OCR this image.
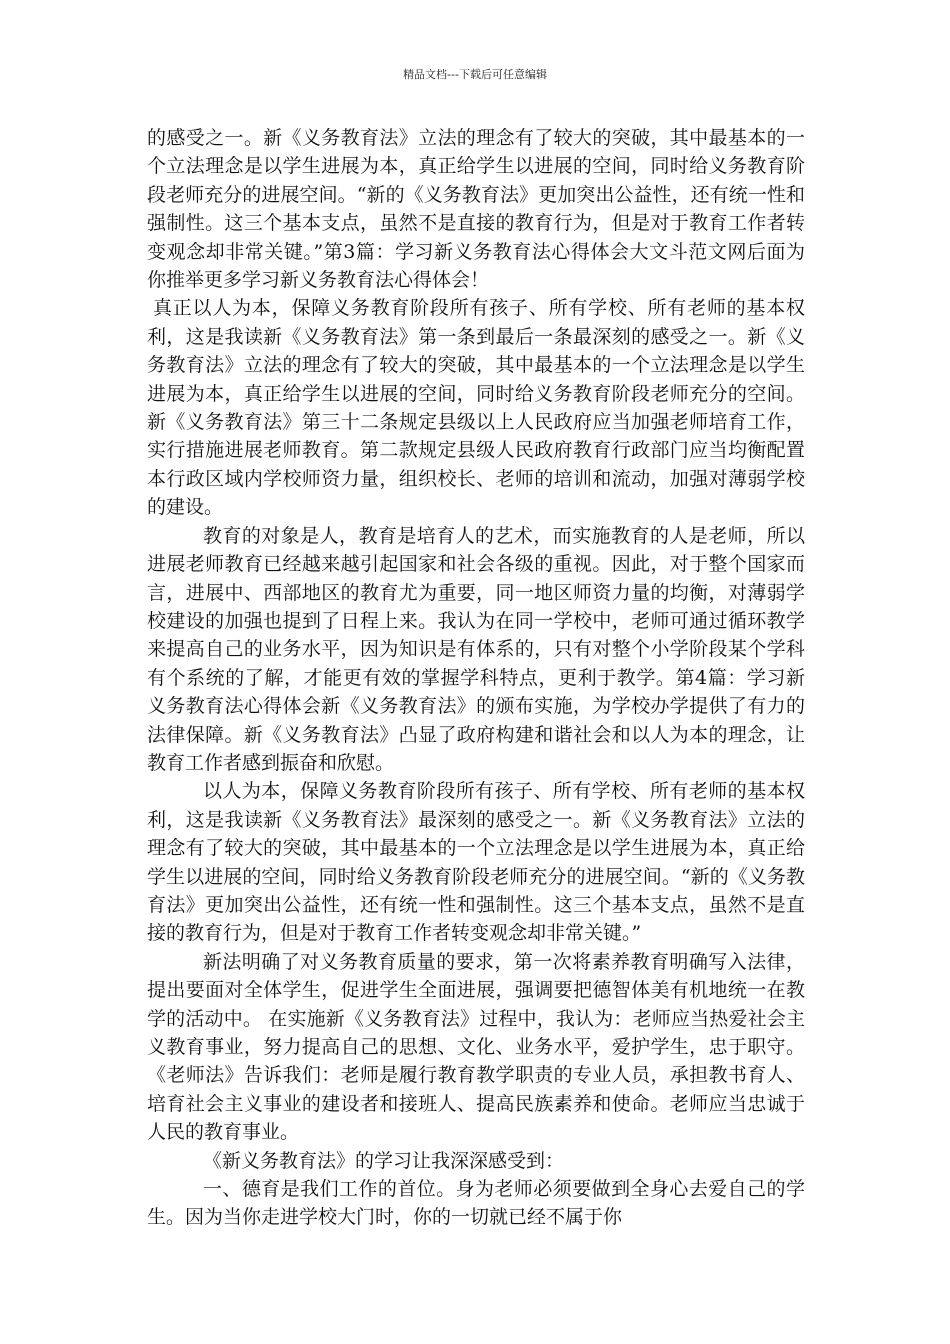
精品文档---下载后可任意编辑

的感受之一。新《义务教育法》立法的理念有了较大的突破，其中最基本的一个立法理念是以学生进展为本，真正给学生以进展的空间，同时给义务教育阶段老师充分的进展空间。“新的《义务教育法》更加突出公益性，还有统一性和强制性。这三个基本支点，虽然不是直接的教育行为，但是对于教育工作者转变观念却非常关键。”第3篇：学习新义务教育法心得体会大文斗范文网后面为你推举更多学习新义务教育法心得体会！

真正以人为本，保障义务教育阶段所有孩子、所有学校、所有老师的基本权利，这是我读新《义务教育法》第一条到最后一条最深刻的感受之一。新《义务教育法》立法的理念有了较大的突破，其中最基本的一个立法理念是以学生进展为本，真正给学生以进展的空间，同时给义务教育阶段老师充分的空间。新《义务教育法》第三十二条规定县级以上人民政府应当加强老师培育工作，实行措施进展老师教育。第二款规定县级人民政府教育行政部门应当均衡配置本行政区域内学校师资力量，组织校长、老师的培训和流动，加强对薄弱学校的建设。

教育的对象是人，教育是培育人的艺术，而实施教育的人是老师，所以进展老师教育已经越来越引起国家和社会各级的重视。因此，对于整个国家而言，进展中、西部地区的教育尤为重要，同一地区师资力量的均衡，对薄弱学校建设的加强也提到了日程上来。我认为在同一学校中，老师可通过循环教学来提高自己的业务水平，因为知识是有体系的，只有对整个小学阶段某个学科有个系统的了解，才能更有效的掌握学科特点，更利于教学。第4篇：学习新义务教育法心得体会新《义务教育法》的颁布实施，为学校办学提供了有力的法律保障。新《义务教育法》凸显了政府构建和谐社会和以人为本的理念，让教育工作者感到振奋和欣慰。

以人为本，保障义务教育阶段所有孩子、所有学校、所有老师的基本权利，这是我读新《义务教育法》最深刻的感受之一。新《义务教育法》立法的理念有了较大的突破，其中最基本的一个立法理念是以学生进展为本，真正给学生以进展的空间，同时给义务教育阶段老师充分的进展空间。“新的《义务教育法》更加突出公益性，还有统一性和强制性。这三个基本支点，虽然不是直接的教育行为，但是对于教育工作者转变观念却非常关键。”

新法明确了对义务教育质量的要求，第一次将素养教育明确写入法律，提出要面对全体学生，促进学生全面进展，强调要把德智体美有机地统一在教学的活动中。 在实施新《义务教育法》过程中，我认为：老师应当热爱社会主义教育事业，努力提高自己的思想、文化、业务水平，爱护学生，忠于职守。《老师法》告诉我们：老师是履行教育教学职责的专业人员，承担教书育人、培育社会主义事业的建设者和接班人、提高民族素养和使命。老师应当忠诚于人民的教育事业。

《新义务教育法》的学习让我深深感受到：

一、德育是我们工作的首位。身为老师必须要做到全身心去爱自己的学生。因为当你走进学校大门时，你的一切就已经不属于你
